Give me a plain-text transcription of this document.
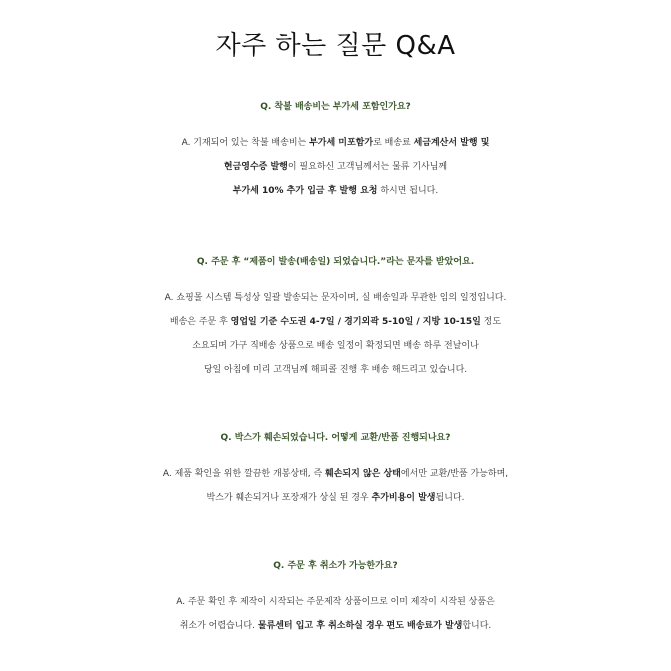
자주 하는 질문 Q&A
Q. 착불 배송비는 부가세 포함인가요?
A. 기재되어 있는 착불 배송비는 부가세 미포함가로 배송료 세금계산서 발행 및
현금영수증 발행이 필요하신 고객님께서는 물류 기사님께
부가세 10% 추가 입금 후 발행 요청 하시면 됩니다.
Q. 주문 후 “제품이 발송(배송일) 되었습니다.”라는 문자를 받았어요.
A. 쇼핑몰 시스템 특성상 일괄 발송되는 문자이며, 실 배송일과 무관한 임의 일정입니다.
배송은 주문 후 영업일 기준 수도권 4-7일 / 경기외곽 5-10일 / 지방 10-15일 정도
소요되며 가구 직배송 상품으로 배송 일정이 확정되면 배송 하루 전날이나
당일 아침에 미리 고객님께 해피콜 진행 후 배송 해드리고 있습니다.
Q. 박스가 훼손되었습니다. 어떻게 교환/반품 진행되나요?
A. 제품 확인을 위한 깔끔한 개봉상태, 즉 훼손되지 않은 상태에서만 교환/반품 가능하며,
박스가 훼손되거나 포장재가 상실 된 경우 추가비용이 발생됩니다.
Q. 주문 후 취소가 가능한가요?
A. 주문 확인 후 제작이 시작되는 주문제작 상품이므로 이미 제작이 시작된 상품은
취소가 어렵습니다. 물류센터 입고 후 취소하실 경우 편도 배송료가 발생합니다.
